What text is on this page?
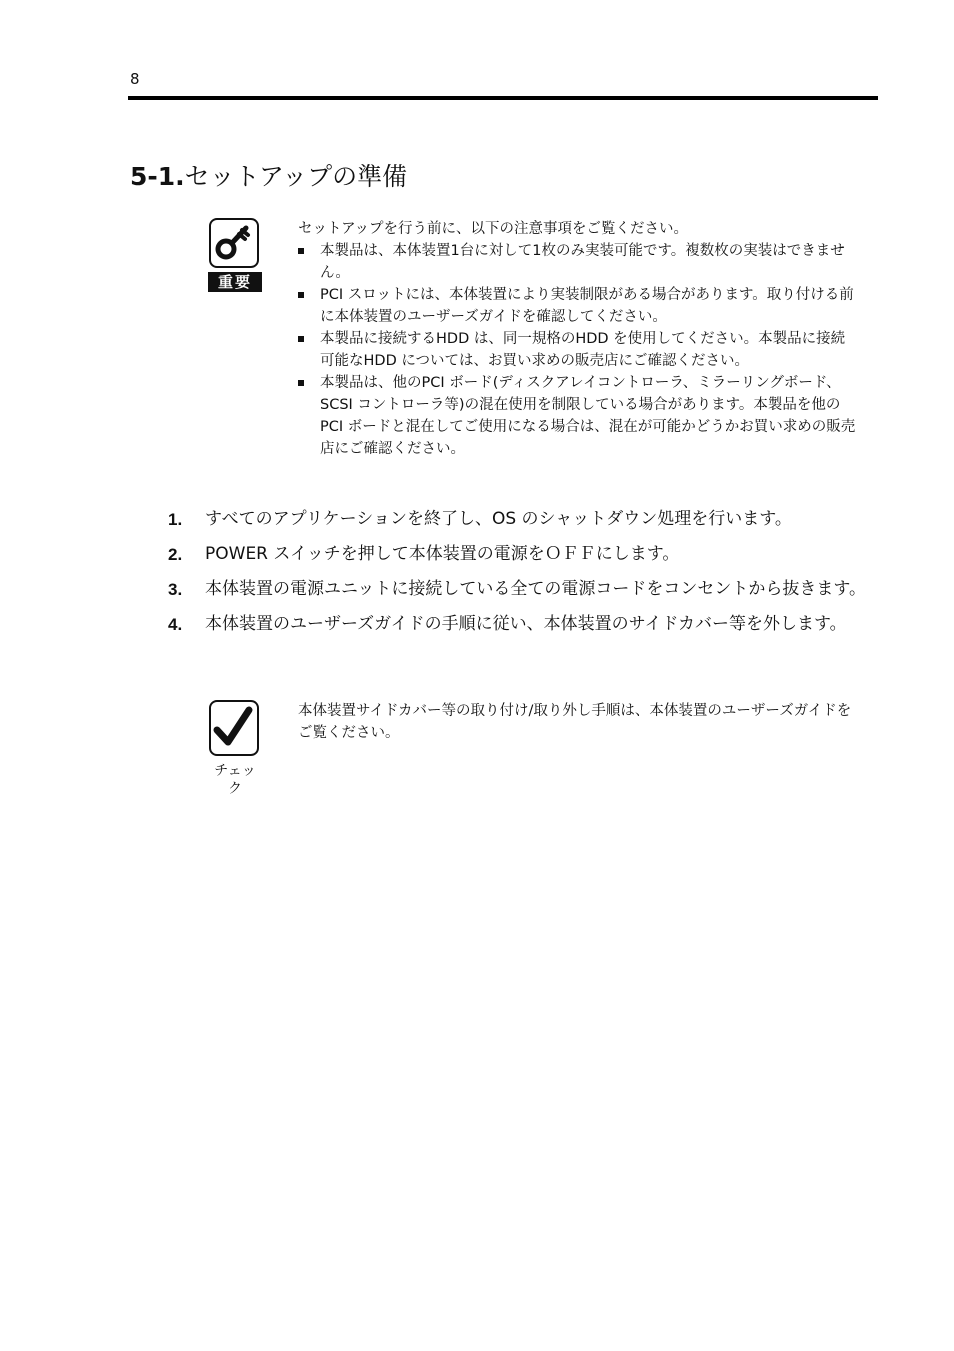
8
5-1.セットアップの準備
重要

セットアップを行う前に、以下の注意事項をご覧ください。

本製品は、本体装置1台に対して1枚のみ実装可能です。複数枚の実装はできません。
PCI スロットには、本体装置により実装制限がある場合があります。取り付ける前に本体装置のユーザーズガイドを確認してください。
本製品に接続するHDD は、同一規格のHDD を使用してください。本製品に接続可能なHDD については、お買い求めの販売店にご確認ください。
本製品は、他のPCI ボード(ディスクアレイコントローラ、ミラーリングボード、SCSI コントローラ等)の混在使用を制限している場合があります。本製品を他のPCI ボードと混在してご使用になる場合は、混在が可能かどうかお買い求めの販売店にご確認ください。
1. すべてのアプリケーションを終了し、OS のシャットダウン処理を行います。
2. POWER スイッチを押して本体装置の電源をＯＦＦにします。
3. 本体装置の電源ユニットに接続している全ての電源コードをコンセントから抜きます。
4. 本体装置のユーザーズガイドの手順に従い、本体装置のサイドカバー等を外します。
チェック

本体装置サイドカバー等の取り付け/取り外し手順は、本体装置のユーザーズガイドをご覧ください。
